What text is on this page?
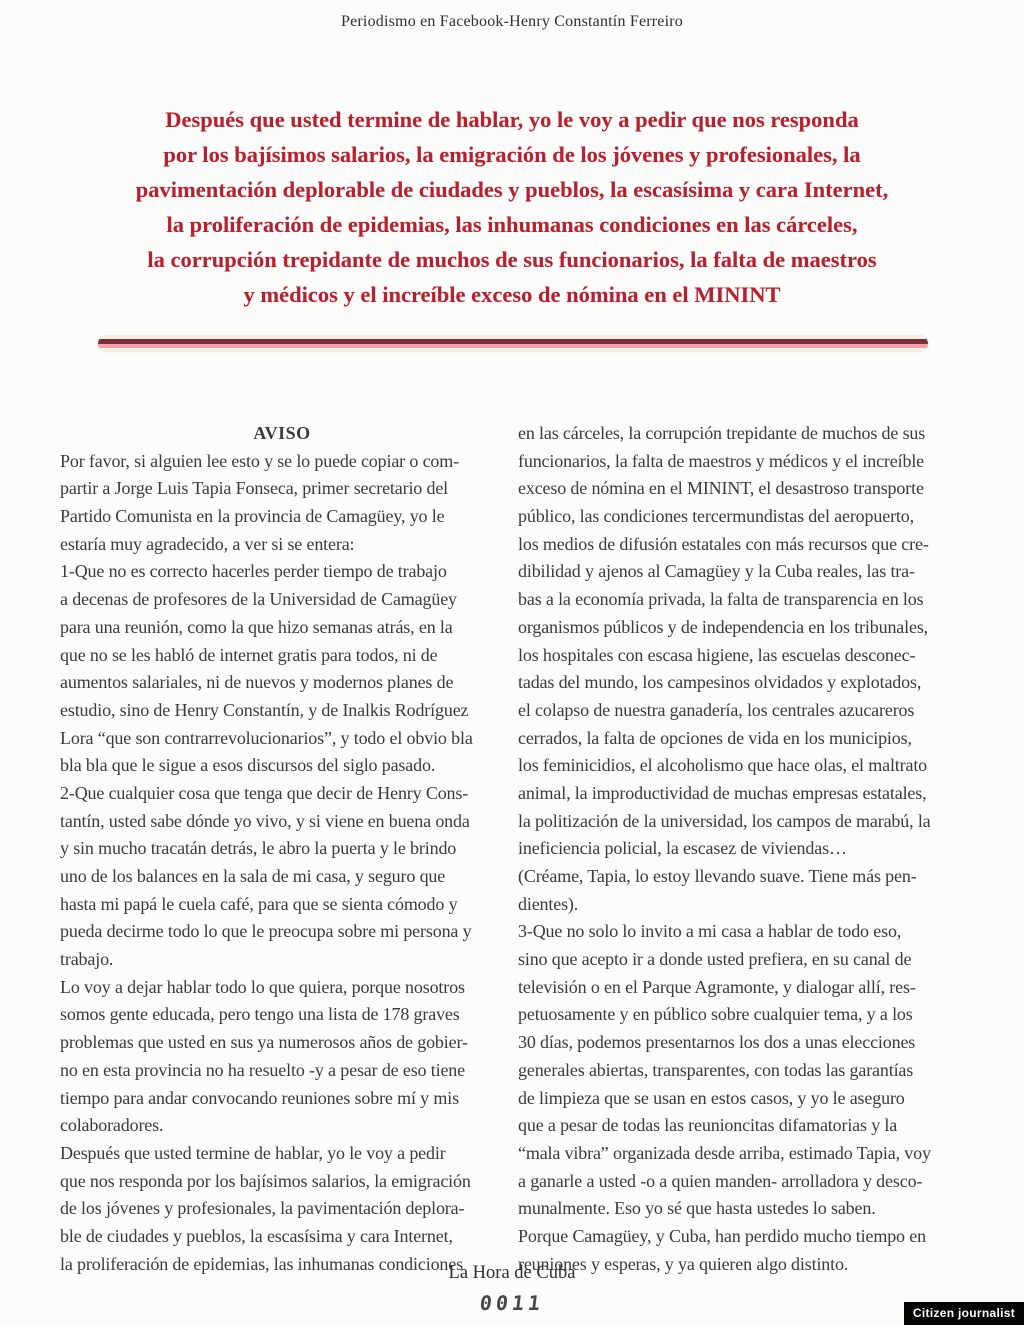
Periodismo en Facebook-Henry Constantín Ferreiro
Después que usted termine de hablar, yo le voy a pedir que nos responda
por los bajísimos salarios, la emigración de los jóvenes y profesionales, la
pavimentación deplorable de ciudades y pueblos, la escasísima y cara Internet,
la proliferación de epidemias, las inhumanas condiciones en las cárceles,
la corrupción trepidante de muchos de sus funcionarios, la falta de maestros
y médicos y el increíble exceso de nómina en el MININT
AVISO
Por favor, si alguien lee esto y se lo puede copiar o com-
partir a Jorge Luis Tapia Fonseca, primer secretario del
Partido Comunista en la provincia de Camagüey, yo le
estaría muy agradecido, a ver si se entera:
1-Que no es correcto hacerles perder tiempo de trabajo
a decenas de profesores de la Universidad de Camagüey
para una reunión, como la que hizo semanas atrás, en la
que no se les habló de internet gratis para todos, ni de
aumentos salariales, ni de nuevos y modernos planes de
estudio, sino de Henry Constantín, y de Inalkis Rodríguez
Lora “que son contrarrevolucionarios”, y todo el obvio bla
bla bla que le sigue a esos discursos del siglo pasado.
2-Que cualquier cosa que tenga que decir de Henry Cons-
tantín, usted sabe dónde yo vivo, y si viene en buena onda
y sin mucho tracatán detrás, le abro la puerta y le brindo
uno de los balances en la sala de mi casa, y seguro que
hasta mi papá le cuela café, para que se sienta cómodo y
pueda decirme todo lo que le preocupa sobre mi persona y
trabajo.
Lo voy a dejar hablar todo lo que quiera, porque nosotros
somos gente educada, pero tengo una lista de 178 graves
problemas que usted en sus ya numerosos años de gobier-
no en esta provincia no ha resuelto -y a pesar de eso tiene
tiempo para andar convocando reuniones sobre mí y mis
colaboradores.
Después que usted termine de hablar, yo le voy a pedir
que nos responda por los bajísimos salarios, la emigración
de los jóvenes y profesionales, la pavimentación deplora-
ble de ciudades y pueblos, la escasísima y cara Internet,
la proliferación de epidemias, las inhumanas condiciones
en las cárceles, la corrupción trepidante de muchos de sus
funcionarios, la falta de maestros y médicos y el increíble
exceso de nómina en el MININT, el desastroso transporte
público, las condiciones tercermundistas del aeropuerto,
los medios de difusión estatales con más recursos que cre-
dibilidad y ajenos al Camagüey y la Cuba reales, las tra-
bas a la economía privada, la falta de transparencia en los
organismos públicos y de independencia en los tribunales,
los hospitales con escasa higiene, las escuelas desconec-
tadas del mundo, los campesinos olvidados y explotados,
el colapso de nuestra ganadería, los centrales azucareros
cerrados, la falta de opciones de vida en los municipios,
los feminicidios, el alcoholismo que hace olas, el maltrato
animal, la improductividad de muchas empresas estatales,
la politización de la universidad, los campos de marabú, la
ineficiencia policial, la escasez de viviendas…
(Créame, Tapia, lo estoy llevando suave. Tiene más pen-
dientes).
3-Que no solo lo invito a mi casa a hablar de todo eso,
sino que acepto ir a donde usted prefiera, en su canal de
televisión o en el Parque Agramonte, y dialogar allí, res-
petuosamente y en público sobre cualquier tema, y a los
30 días, podemos presentarnos los dos a unas elecciones
generales abiertas, transparentes, con todas las garantías
de limpieza que se usan en estos casos, y yo le aseguro
que a pesar de todas las reunioncitas difamatorias y la
“mala vibra” organizada desde arriba, estimado Tapia, voy
a ganarle a usted -o a quien manden- arrolladora y desco-
munalmente. Eso yo sé que hasta ustedes lo saben.
Porque Camagüey, y Cuba, han perdido mucho tiempo en
reuniones y esperas, y ya quieren algo distinto.
La Hora de Cuba
0011	Citizen journalist
